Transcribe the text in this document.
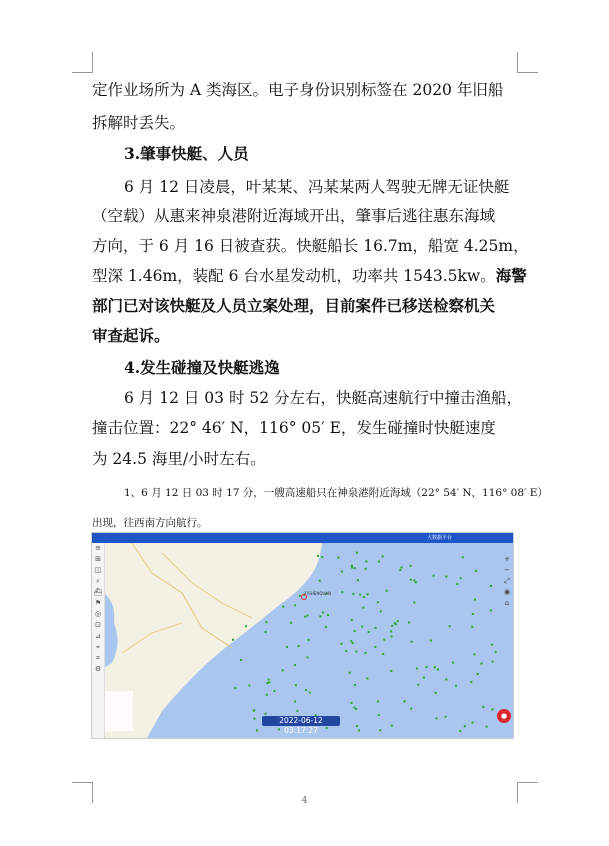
定作业场所为 A 类海区。电子身份识别标签在 2020 年旧船
拆解时丢失。
3.肇事快艇、人员
6 月 12 日凌晨，叶某某、冯某某两人驾驶无牌无证快艇
（空载）从惠来神泉港附近海域开出，肇事后逃往惠东海域
方向，于 6 月 16 日被查获。快艇船长 16.7m，船宽 4.25m，
型深 1.46m，装配 6 台水星发动机，功率共 1543.5kw。海警
部门已对该快艇及人员立案处理，目前案件已移送检察机关
审查起诉。
4.发生碰撞及快艇逃逸
6 月 12 日 03 时 52 分左右，快艇高速航行中撞击渔船，
撞击位置：22° 46′ N，116° 05′ E，发生碰撞时快艇速度
为 24.5 海里/小时左右。
1、6 月 12 日 03 时 17 分，一艘高速船只在神泉港附近海域（22° 54′ N，116° 08′ E）
出现，往西南方向航行。
大数据平台
≡
⊞
◫
⌕
⛴
⚑
◎
⊡
⊿
⌖
⌗
⚙
+
−
⤢
◉
⌂
??SHENQUAN
2022-06-12 03:17:27
●
4
